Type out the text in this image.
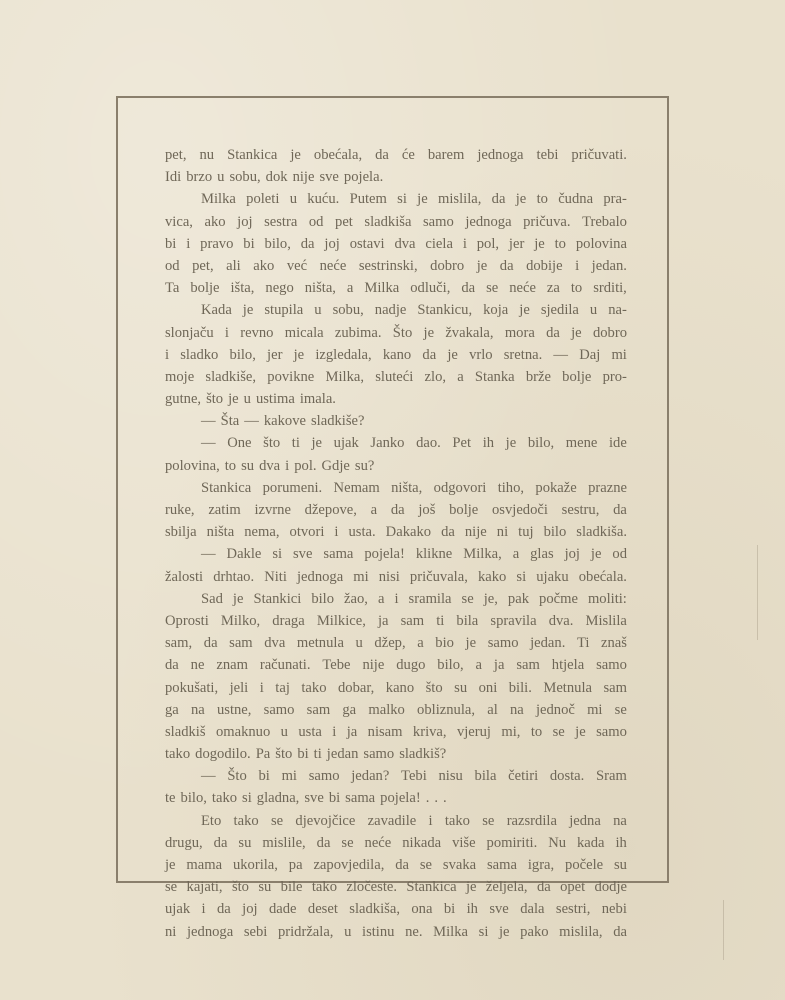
pet, nu Stankica je obećala, da će barem jednoga tebi pričuvati.
Idi brzo u sobu, dok nije sve pojela.
Milka poleti u kuću. Putem si je mislila, da je to čudna pra-
vica, ako joj sestra od pet sladkiša samo jednoga pričuva. Trebalo
bi i pravo bi bilo, da joj ostavi dva ciela i pol, jer je to polovina
od pet, ali ako već neće sestrinski, dobro je da dobije i jedan.
Ta bolje išta, nego ništa, a Milka odluči, da se neće za to srditi,
Kada je stupila u sobu, nadje Stankicu, koja je sjedila u na-
slonjaču i revno micala zubima. Što je žvakala, mora da je dobro
i sladko bilo, jer je izgledala, kano da je vrlo sretna. — Daj mi
moje sladkiše, povikne Milka, sluteći zlo, a Stanka brže bolje pro-
gutne, što je u ustima imala.
— Šta — kakove sladkiše?
— One što ti je ujak Janko dao. Pet ih je bilo, mene ide
polovina, to su dva i pol. Gdje su?
Stankica porumeni. Nemam ništa, odgovori tiho, pokaže prazne
ruke, zatim izvrne džepove, a da još bolje osvjedoči sestru, da
sbilja ništa nema, otvori i usta. Dakako da nije ni tuj bilo sladkiša.
— Dakle si sve sama pojela! klikne Milka, a glas joj je od
žalosti drhtao. Niti jednoga mi nisi pričuvala, kako si ujaku obećala.
Sad je Stankici bilo žao, a i sramila se je, pak počme moliti:
Oprosti Milko, draga Milkice, ja sam ti bila spravila dva. Mislila
sam, da sam dva metnula u džep, a bio je samo jedan. Ti znaš
da ne znam računati. Tebe nije dugo bilo, a ja sam htjela samo
pokušati, jeli i taj tako dobar, kano što su oni bili. Metnula sam
ga na ustne, samo sam ga malko obliznula, al na jednoč mi se
sladkiš omaknuo u usta i ja nisam kriva, vjeruj mi, to se je samo
tako dogodilo. Pa što bi ti jedan samo sladkiš?
— Što bi mi samo jedan? Tebi nisu bila četiri dosta. Sram
te bilo, tako si gladna, sve bi sama pojela! . . .
Eto tako se djevojčice zavadile i tako se razsrdila jedna na
drugu, da su mislile, da se neće nikada više pomiriti. Nu kada ih
je mama ukorila, pa zapovjedila, da se svaka sama igra, počele su
se kajati, što su bile tako zločeste. Stankica je željela, da opet dodje
ujak i da joj dade deset sladkiša, ona bi ih sve dala sestri, nebi
ni jednoga sebi pridržala, u istinu ne. Milka si je pako mislila, da
